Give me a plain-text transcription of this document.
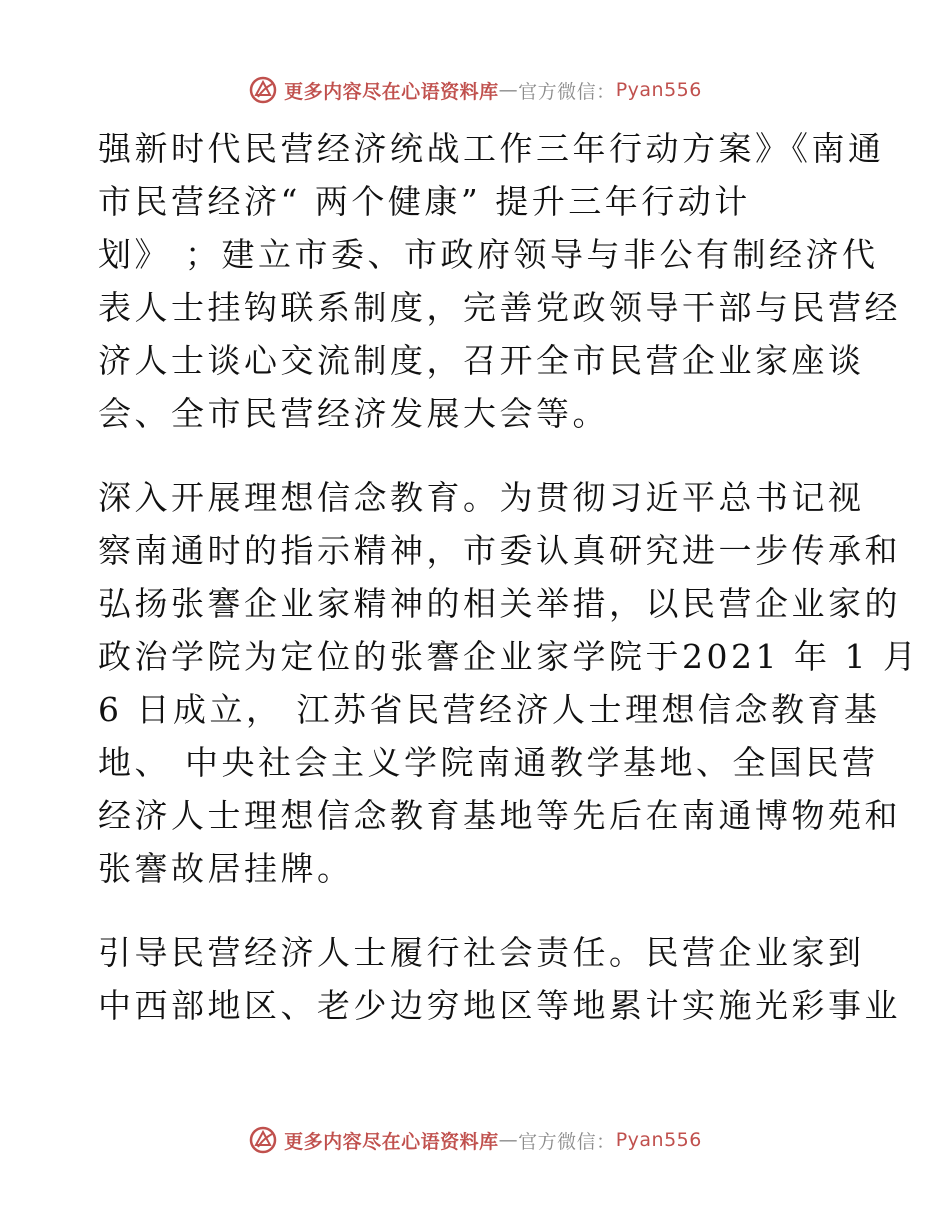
更多内容尽在心语资料库 — 官方微信： Pyan556

强新时代民营经济统战工作三年行动方案》《南通
市民营经济“ 两个健康” 提升三年行动计
划》 ；建立市委、市政府领导与非公有制经济代
表人士挂钩联系制度，完善党政领导干部与民营经
济人士谈心交流制度，召开全市民营企业家座谈
会、全市民营经济发展大会等。

深入开展理想信念教育。为贯彻习近平总书记视
察南通时的指示精神，市委认真研究进一步传承和
弘扬张謇企业家精神的相关举措，以民营企业家的
政治学院为定位的张謇企业家学院于2021 年 1 月
6 日成立， 江苏省民营经济人士理想信念教育基
地、 中央社会主义学院南通教学基地、全国民营
经济人士理想信念教育基地等先后在南通博物苑和
张謇故居挂牌。

引导民营经济人士履行社会责任。民营企业家到
中西部地区、老少边穷地区等地累计实施光彩事业

更多内容尽在心语资料库 — 官方微信： Pyan556
